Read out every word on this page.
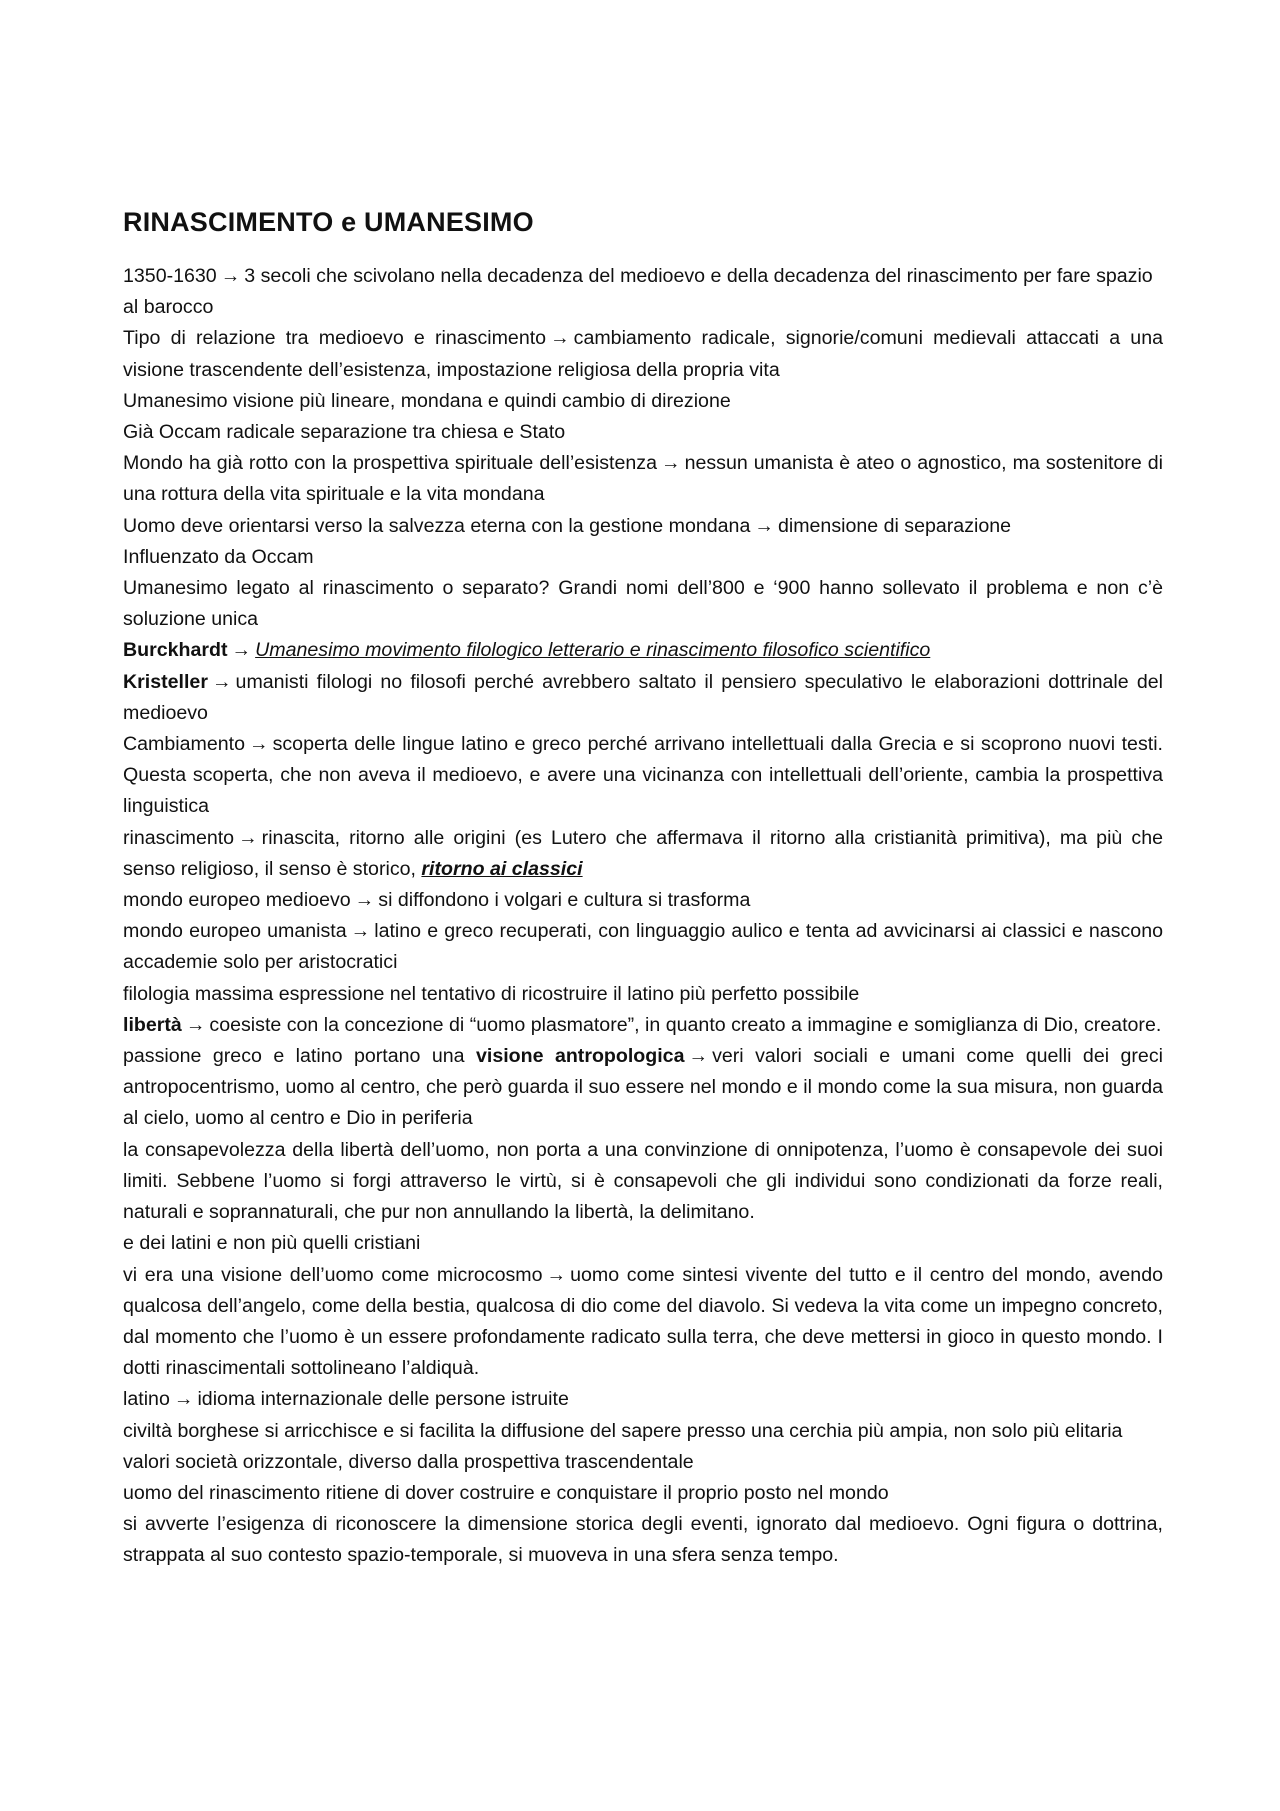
RINASCIMENTO e UMANESIMO

1350-1630 → 3 secoli che scivolano nella decadenza del medioevo e della decadenza del rinascimento per fare spazio al barocco

Tipo di relazione tra medioevo e rinascimento → cambiamento radicale, signorie/comuni medievali attaccati a una visione trascendente dell’esistenza, impostazione religiosa della propria vita

Umanesimo visione più lineare, mondana e quindi cambio di direzione

Già Occam radicale separazione tra chiesa e Stato

Mondo ha già rotto con la prospettiva spirituale dell’esistenza → nessun umanista è ateo o agnostico, ma sostenitore di una rottura della vita spirituale e la vita mondana

Uomo deve orientarsi verso la salvezza eterna con la gestione mondana → dimensione di separazione

Influenzato da Occam

Umanesimo legato al rinascimento o separato? Grandi nomi dell’800 e ‘900 hanno sollevato il problema e non c’è soluzione unica

Burckhardt → Umanesimo movimento filologico letterario e rinascimento filosofico scientifico

Kristeller → umanisti filologi no filosofi perché avrebbero saltato il pensiero speculativo le elaborazioni dottrinale del medioevo

Cambiamento → scoperta delle lingue latino e greco perché arrivano intellettuali dalla Grecia e si scoprono nuovi testi. Questa scoperta, che non aveva il medioevo, e avere una vicinanza con intellettuali dell’oriente, cambia la prospettiva linguistica

rinascimento → rinascita, ritorno alle origini (es Lutero che affermava il ritorno alla cristianità primitiva), ma più che senso religioso, il senso è storico, ritorno ai classici

mondo europeo medioevo → si diffondono i volgari e cultura si trasforma

mondo europeo umanista → latino e greco recuperati, con linguaggio aulico e tenta ad avvicinarsi ai classici e nascono accademie solo per aristocratici

filologia massima espressione nel tentativo di ricostruire il latino più perfetto possibile

libertà → coesiste con la concezione di “uomo plasmatore”, in quanto creato a immagine e somiglianza di Dio, creatore.

passione greco e latino portano una visione antropologica → veri valori sociali e umani come quelli dei greci antropocentrismo, uomo al centro, che però guarda il suo essere nel mondo e il mondo come la sua misura, non guarda al cielo, uomo al centro e Dio in periferia

la consapevolezza della libertà dell’uomo, non porta a una convinzione di onnipotenza, l’uomo è consapevole dei suoi limiti. Sebbene l’uomo si forgi attraverso le virtù, si è consapevoli che gli individui sono condizionati da forze reali, naturali e soprannaturali, che pur non annullando la libertà, la delimitano.

e dei latini e non più quelli cristiani

vi era una visione dell’uomo come microcosmo → uomo come sintesi vivente del tutto e il centro del mondo, avendo qualcosa dell’angelo, come della bestia, qualcosa di dio come del diavolo. Si vedeva la vita come un impegno concreto, dal momento che l’uomo è un essere profondamente radicato sulla terra, che deve mettersi in gioco in questo mondo. I dotti rinascimentali sottolineano l’aldiquà.

latino → idioma internazionale delle persone istruite

civiltà borghese si arricchisce e si facilita la diffusione del sapere presso una cerchia più ampia, non solo più elitaria

valori società orizzontale, diverso dalla prospettiva trascendentale

uomo del rinascimento ritiene di dover costruire e conquistare il proprio posto nel mondo

si avverte l’esigenza di riconoscere la dimensione storica degli eventi, ignorato dal medioevo. Ogni figura o dottrina, strappata al suo contesto spazio-temporale, si muoveva in una sfera senza tempo.
